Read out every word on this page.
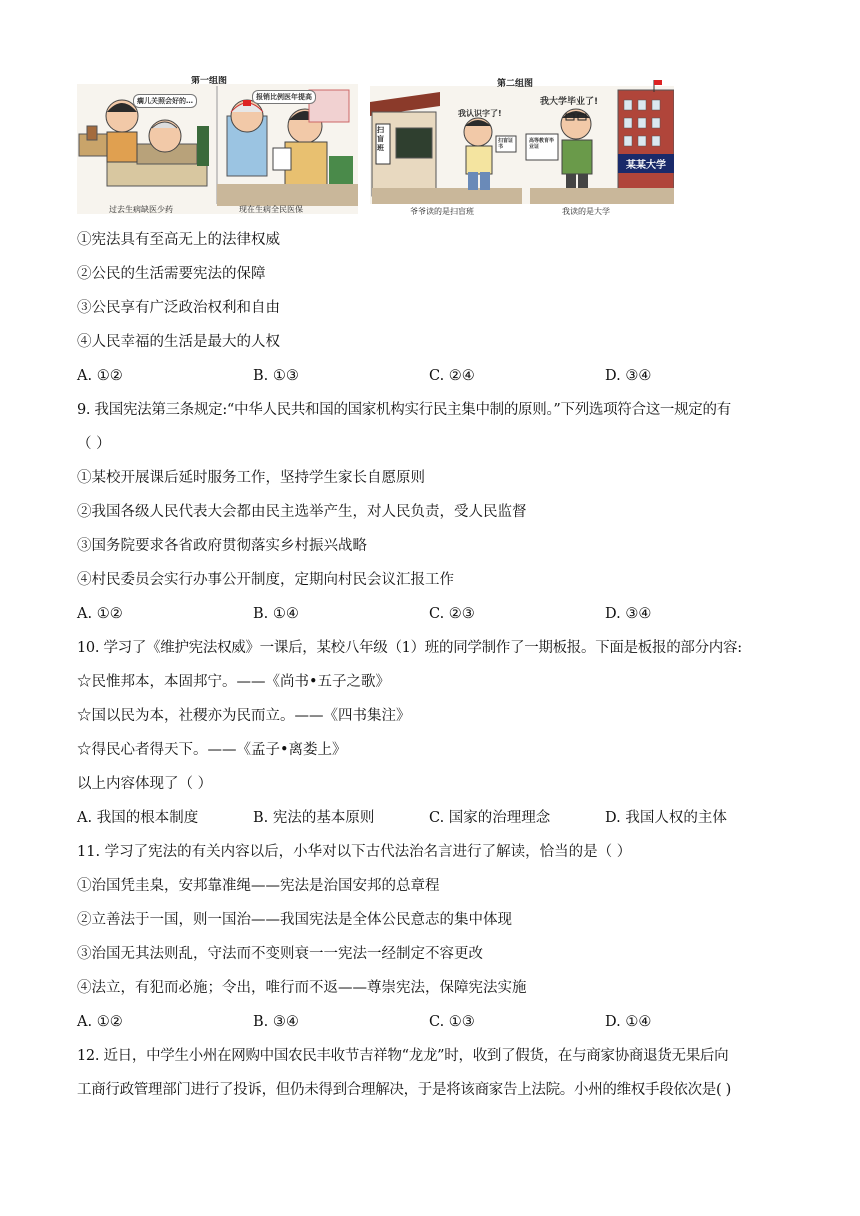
第一组图
瘸儿关照会好的…	报销比例医年提高
过去生病缺医少药	现在生病全民医保
第二组图
扫盲班
我认识字了!
我大学毕业了!
扫盲证书
高等教育毕业证
某某大学
爷爷读的是扫盲班	我读的是大学
①宪法具有至高无上的法律权威
②公民的生活需要宪法的保障
③公民享有广泛政治权利和自由
④人民幸福的生活是最大的人权
A. ①②	B. ①③	C. ②④	D. ③④
9. 我国宪法第三条规定:“中华人民共和国的国家机构实行民主集中制的原则。”下列选项符合这一规定的有
（ ）
①某校开展课后延时服务工作，坚持学生家长自愿原则
②我国各级人民代表大会都由民主选举产生，对人民负责，受人民监督
③国务院要求各省政府贯彻落实乡村振兴战略
④村民委员会实行办事公开制度，定期向村民会议汇报工作
A. ①②	B. ①④	C. ②③	D. ③④
10. 学习了《维护宪法权威》一课后，某校八年级（1）班的同学制作了一期板报。下面是板报的部分内容:
☆民惟邦本，本固邦宁。——《尚书•五子之歌》
☆国以民为本，社稷亦为民而立。——《四书集注》
☆得民心者得天下。——《孟子•离娄上》
以上内容体现了（ ）
A. 我国的根本制度	B. 宪法的基本原则	C. 国家的治理理念	D. 我国人权的主体
11. 学习了宪法的有关内容以后，小华对以下古代法治名言进行了解读，恰当的是（ ）
①治国凭圭臬，安邦靠准绳——宪法是治国安邦的总章程
②立善法于一国，则一国治——我国宪法是全体公民意志的集中体现
③治国无其法则乱，守法而不变则衰一一宪法一经制定不容更改
④法立，有犯而必施；令出，唯行而不返——尊崇宪法，保障宪法实施
A. ①②	B. ③④	C. ①③	D. ①④
12. 近日，中学生小州在网购中国农民丰收节吉祥物“龙龙”时，收到了假货，在与商家协商退货无果后向
工商行政管理部门进行了投诉，但仍未得到合理解决，于是将该商家告上法院。小州的维权手段依次是( )
